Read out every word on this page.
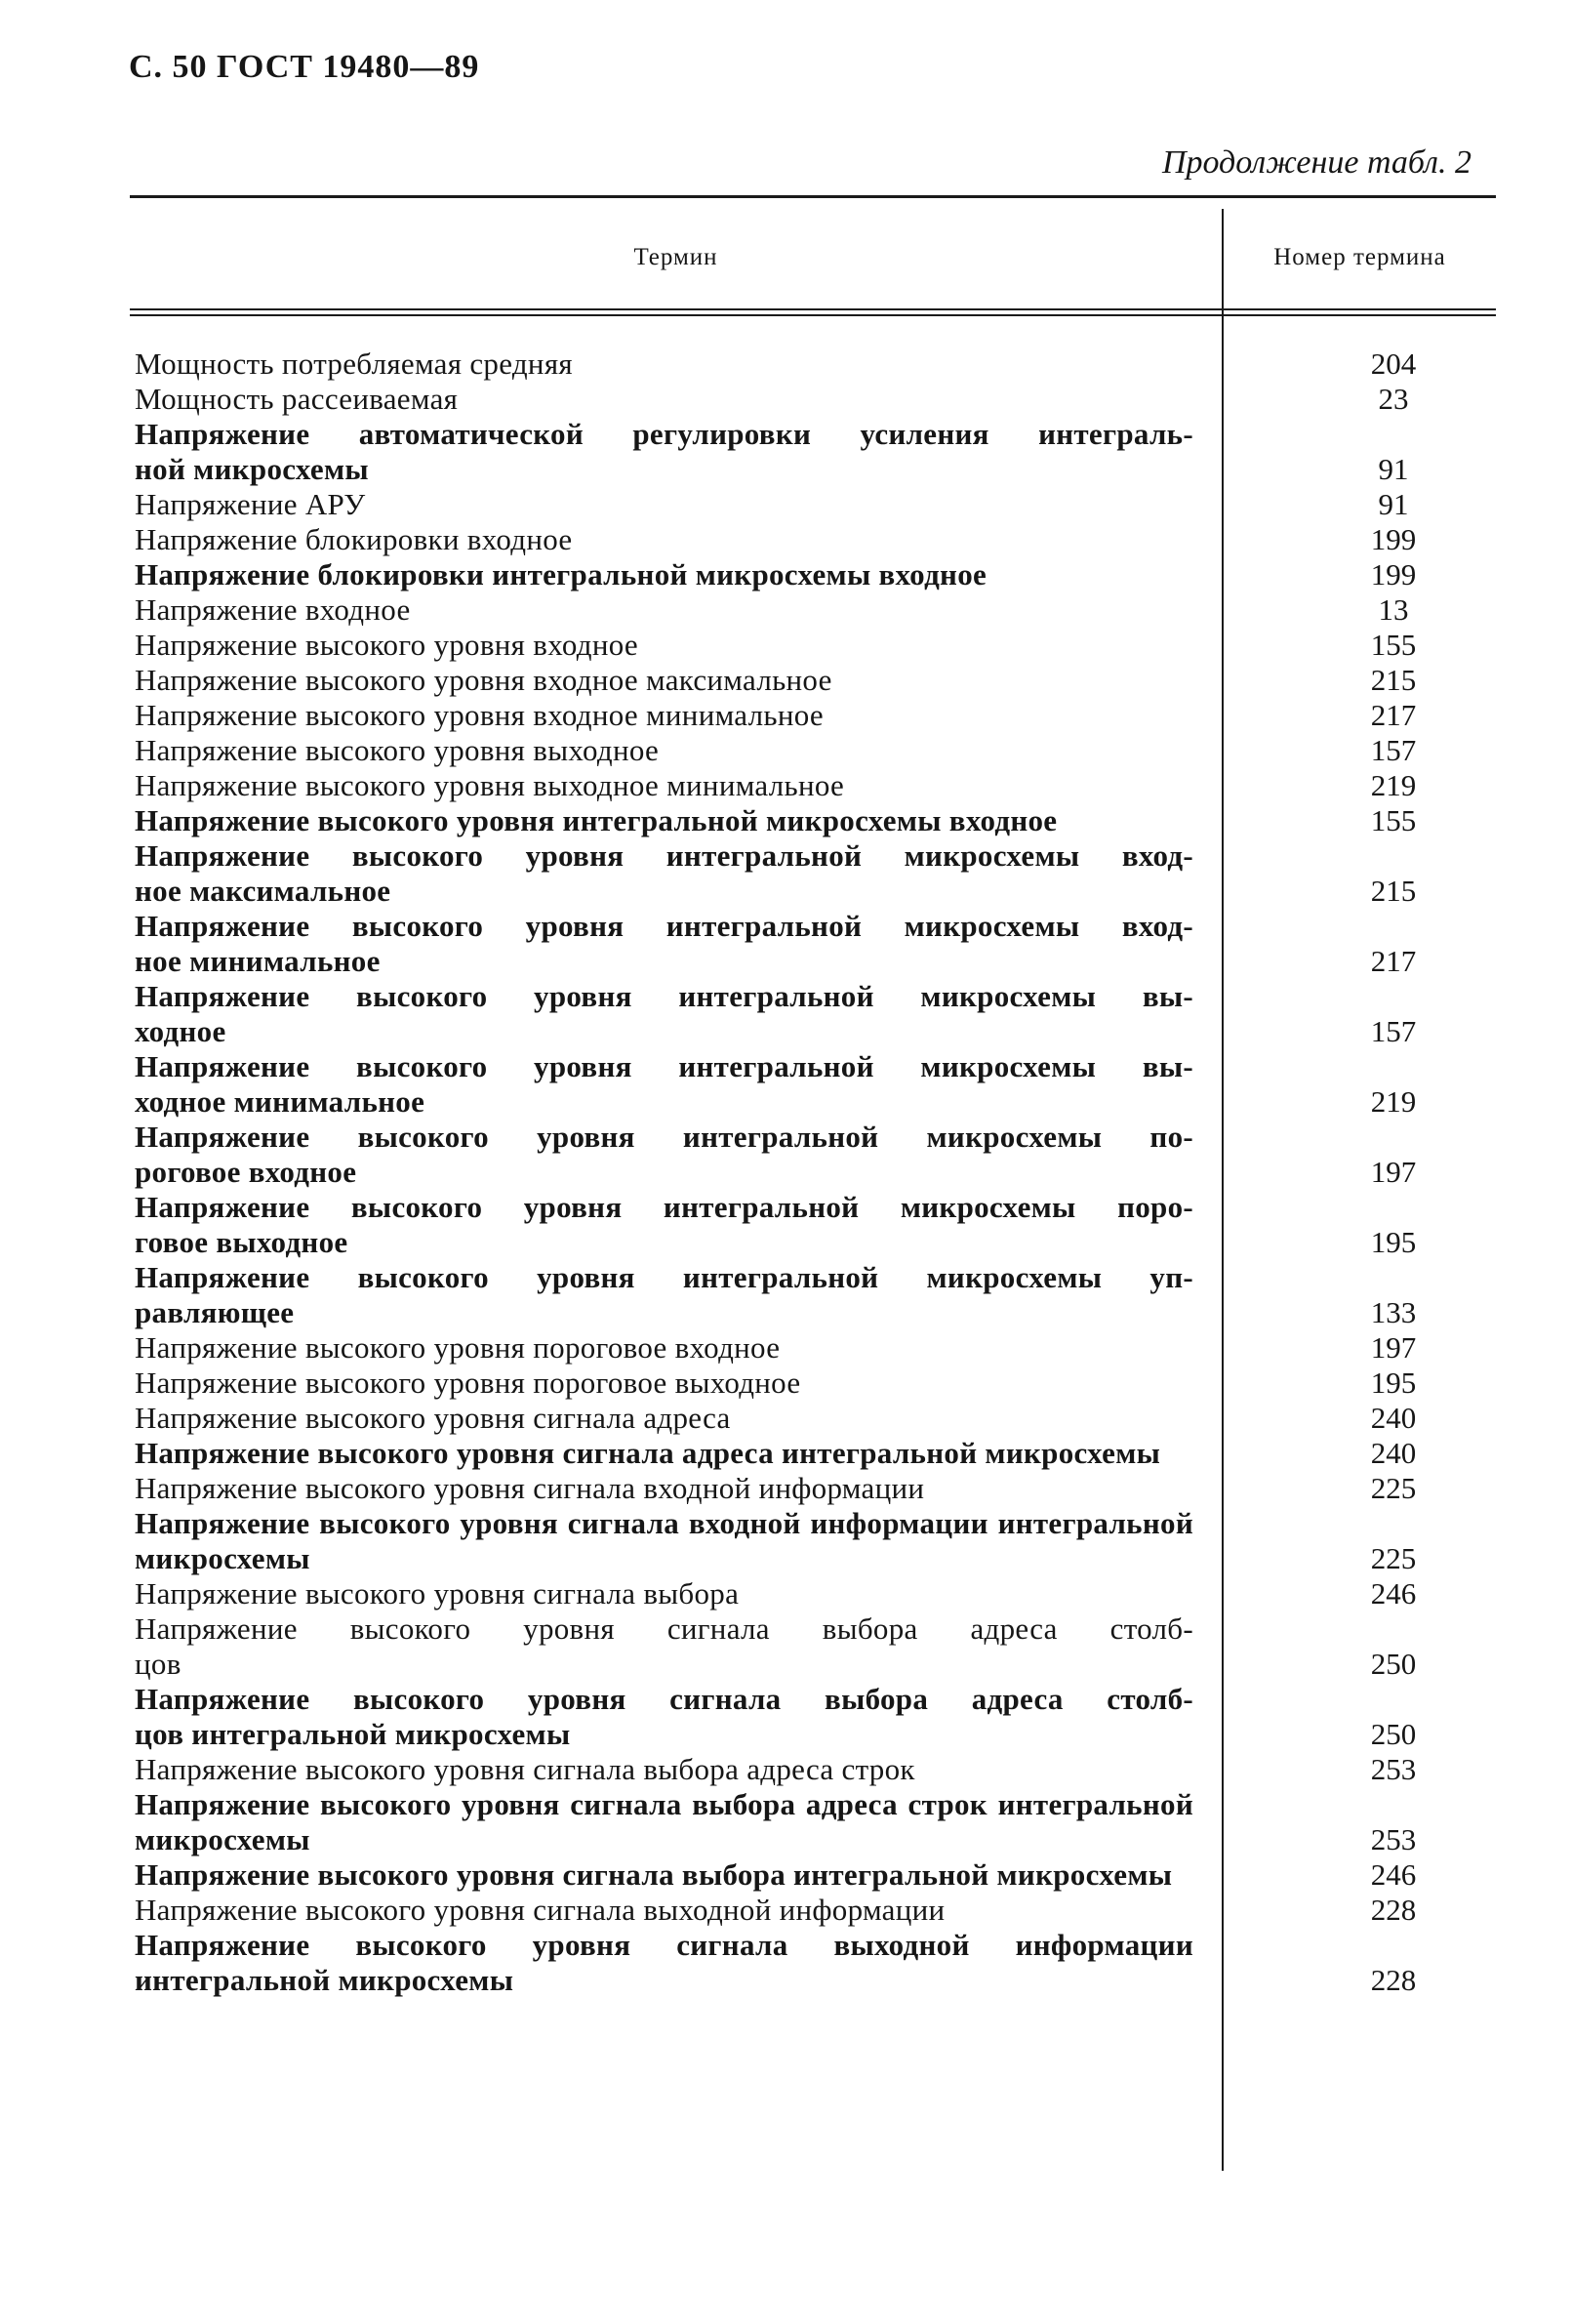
С. 50 ГОСТ 19480—89
Продолжение табл. 2
Термин	Номер термина
Мощность потребляемая средняя	204
Мощность рассеиваемая	23
Напряжение автоматической регулировки усиления интеграль-
ной микросхемы	91
Напряжение АРУ	91
Напряжение блокировки входное	199
Напряжение блокировки интегральной микросхемы входное	199
Напряжение входное	13
Напряжение высокого уровня входное	155
Напряжение высокого уровня входное максимальное	215
Напряжение высокого уровня входное минимальное	217
Напряжение высокого уровня выходное	157
Напряжение высокого уровня выходное минимальное	219
Напряжение высокого уровня интегральной микросхемы входное	155
Напряжение высокого уровня интегральной микросхемы вход-
ное максимальное	215
Напряжение высокого уровня интегральной микросхемы вход-
ное минимальное	217
Напряжение высокого уровня интегральной микросхемы вы-
ходное	157
Напряжение высокого уровня интегральной микросхемы вы-
ходное минимальное	219
Напряжение высокого уровня интегральной микросхемы по-
роговое входное	197
Напряжение высокого уровня интегральной микросхемы поро-
говое выходное	195
Напряжение высокого уровня интегральной микросхемы уп-
равляющее	133
Напряжение высокого уровня пороговое входное	197
Напряжение высокого уровня пороговое выходное	195
Напряжение высокого уровня сигнала адреса	240
Напряжение высокого уровня сигнала адреса интегральной микросхемы	240
Напряжение высокого уровня сигнала входной информации	225
Напряжение высокого уровня сигнала входной информации интегральной микросхемы	225
Напряжение высокого уровня сигнала выбора	246
Напряжение высокого уровня сигнала выбора адреса столб-
цов	250
Напряжение высокого уровня сигнала выбора адреса столб-
цов интегральной микросхемы	250
Напряжение высокого уровня сигнала выбора адреса строк	253
Напряжение высокого уровня сигнала выбора адреса строк интегральной микросхемы	253
Напряжение высокого уровня сигнала выбора интегральной микросхемы	246
Напряжение высокого уровня сигнала выходной информации	228
Напряжение высокого уровня сигнала выходной информации интегральной микросхемы	228
